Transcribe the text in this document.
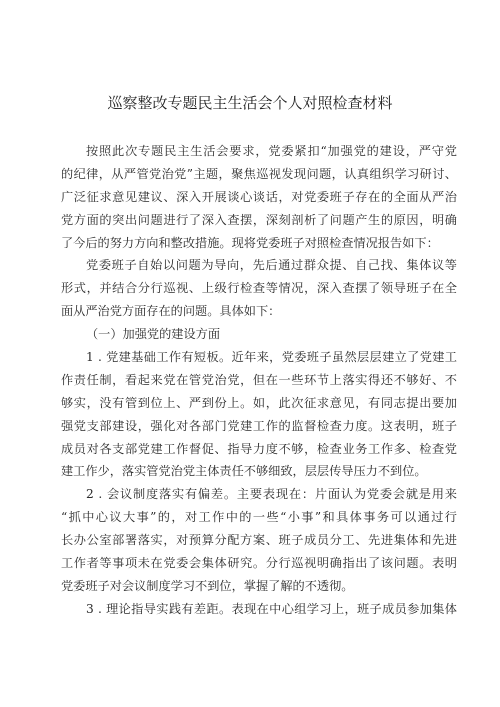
巡察整改专题民主生活会个人对照检查材料
按照此次专题民主生活会要求，党委紧扣“加强党的建设，严守党
的纪律，从严管党治党”主题，聚焦巡视发现问题，认真组织学习研讨、
广泛征求意见建议、深入开展谈心谈话，对党委班子存在的全面从严治
党方面的突出问题进行了深入查摆，深刻剖析了问题产生的原因，明确
了今后的努力方向和整改措施。现将党委班子对照检查情况报告如下：
党委班子自始以问题为导向，先后通过群众提、自己找、集体议等
形式，并结合分行巡视、上级行检查等情况，深入查摆了领导班子在全
面从严治党方面存在的问题。具体如下：
（一）加强党的建设方面
1 . 党建基础工作有短板。近年来，党委班子虽然层层建立了党建工
作责任制，看起来党在管党治党，但在一些环节上落实得还不够好、不
够实，没有管到位上、严到份上。如，此次征求意见，有同志提出要加
强党支部建设，强化对各部门党建工作的监督检查力度。这表明，班子
成员对各支部党建工作督促、指导力度不够，检查业务工作多、检查党
建工作少，落实管党治党主体责任不够细致，层层传导压力不到位。
2 . 会议制度落实有偏差。主要表现在：片面认为党委会就是用来
“抓中心议大事”的，对工作中的一些“小事”和具体事务可以通过行
长办公室部署落实，对预算分配方案、班子成员分工、先进集体和先进
工作者等事项未在党委会集体研究。分行巡视明确指出了该问题。表明
党委班子对会议制度学习不到位，掌握了解的不透彻。
3 . 理论指导实践有差距。表现在中心组学习上，班子成员参加集体
